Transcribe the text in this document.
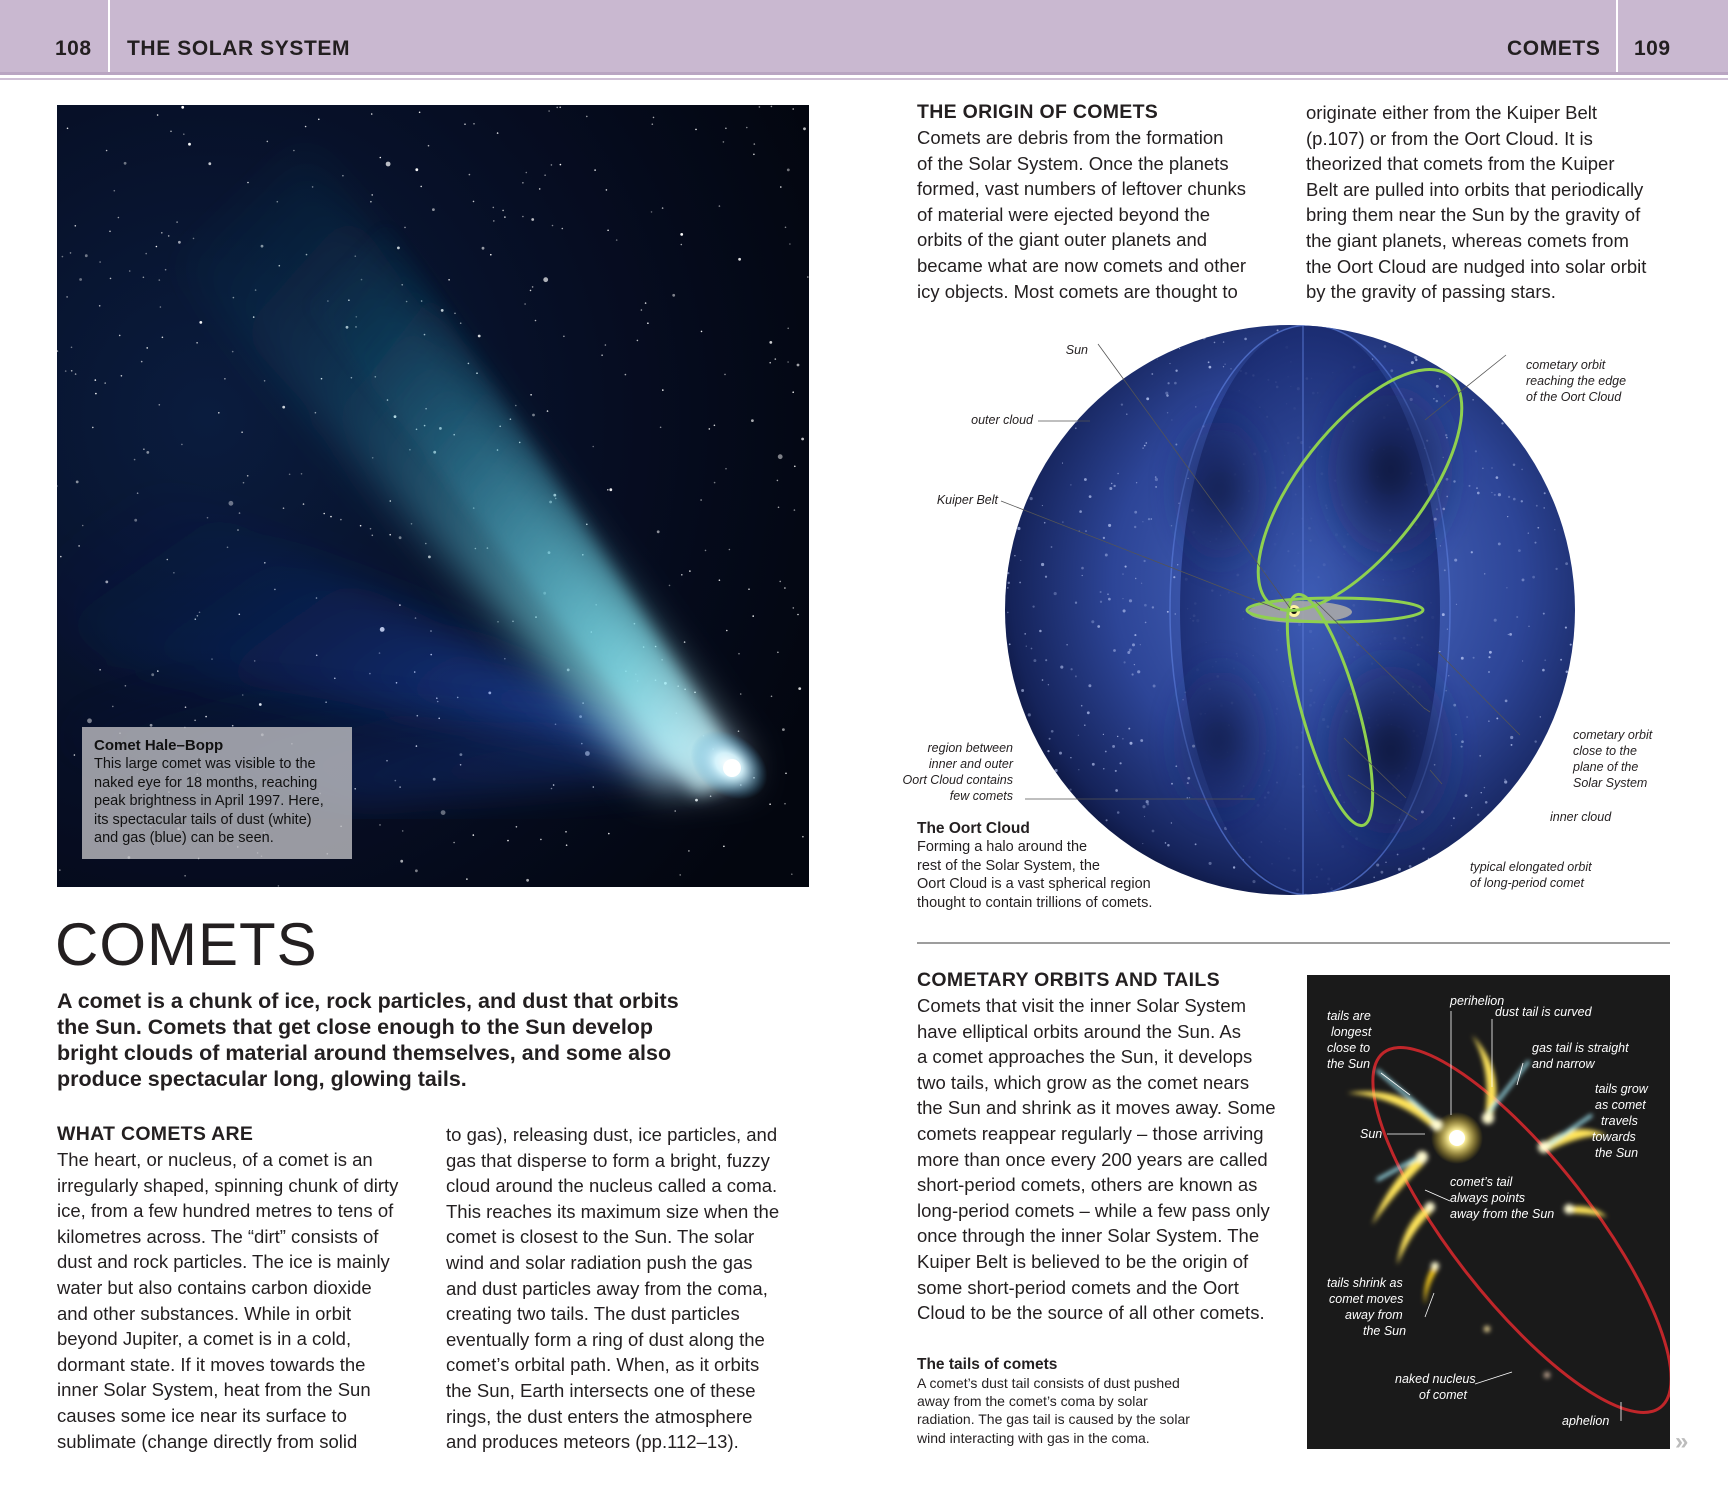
108 THE SOLAR SYSTEM	COMETS 109
Comet Hale–Bopp
This large comet was visible to the
naked eye for 18 months, reaching
peak brightness in April 1997. Here,
its spectacular tails of dust (white)
and gas (blue) can be seen.
COMETS
A comet is a chunk of ice, rock particles, and dust that orbits
the Sun. Comets that get close enough to the Sun develop
bright clouds of material around themselves, and some also
produce spectacular long, glowing tails.
WHAT COMETS ARE
The heart, or nucleus, of a comet is an
irregularly shaped, spinning chunk of dirty
ice, from a few hundred metres to tens of
kilometres across. The “dirt” consists of
dust and rock particles. The ice is mainly
water but also contains carbon dioxide
and other substances. While in orbit
beyond Jupiter, a comet is in a cold,
dormant state. If it moves towards the
inner Solar System, heat from the Sun
causes some ice near its surface to
sublimate (change directly from solid
to gas), releasing dust, ice particles, and
gas that disperse to form a bright, fuzzy
cloud around the nucleus called a coma.
This reaches its maximum size when the
comet is closest to the Sun. The solar
wind and solar radiation push the gas
and dust particles away from the coma,
creating two tails. The dust particles
eventually form a ring of dust along the
comet’s orbital path. When, as it orbits
the Sun, Earth intersects one of these
rings, the dust enters the atmosphere
and produces meteors (pp.112–13).
THE ORIGIN OF COMETS
Comets are debris from the formation
of the Solar System. Once the planets
formed, vast numbers of leftover chunks
of material were ejected beyond the
orbits of the giant outer planets and
became what are now comets and other
icy objects. Most comets are thought to
originate either from the Kuiper Belt
(p.107) or from the Oort Cloud. It is
theorized that comets from the Kuiper
Belt are pulled into orbits that periodically
bring them near the Sun by the gravity of
the giant planets, whereas comets from
the Oort Cloud are nudged into solar orbit
by the gravity of passing stars.
Sun
outer cloud
Kuiper Belt
region between
inner and outer
Oort Cloud contains
few comets
cometary orbit
reaching the edge
of the Oort Cloud
cometary orbit
close to the
plane of the
Solar System
inner cloud
typical elongated orbit
of long-period comet
The Oort Cloud
Forming a halo around the
rest of the Solar System, the
Oort Cloud is a vast spherical region
thought to contain trillions of comets.
COMETARY ORBITS AND TAILS
Comets that visit the inner Solar System
have elliptical orbits around the Sun. As
a comet approaches the Sun, it develops
two tails, which grow as the comet nears
the Sun and shrink as it moves away. Some
comets reappear regularly – those arriving
more than once every 200 years are called
short-period comets, others are known as
long-period comets – while a few pass only
once through the inner Solar System. The
Kuiper Belt is believed to be the origin of
some short-period comets and the Oort
Cloud to be the source of all other comets.
The tails of comets
A comet’s dust tail consists of dust pushed
away from the comet’s coma by solar
radiation. The gas tail is caused by the solar
wind interacting with gas in the coma.
perihelion
dust tail is curved
tails are
longest
close to
the Sun
gas tail is straight
and narrow
tails grow
as comet
travels
towards
the Sun
Sun
comet’s tail
always points
away from the Sun
tails shrink as
comet moves
away from
the Sun
naked nucleus
of comet
aphelion
»
